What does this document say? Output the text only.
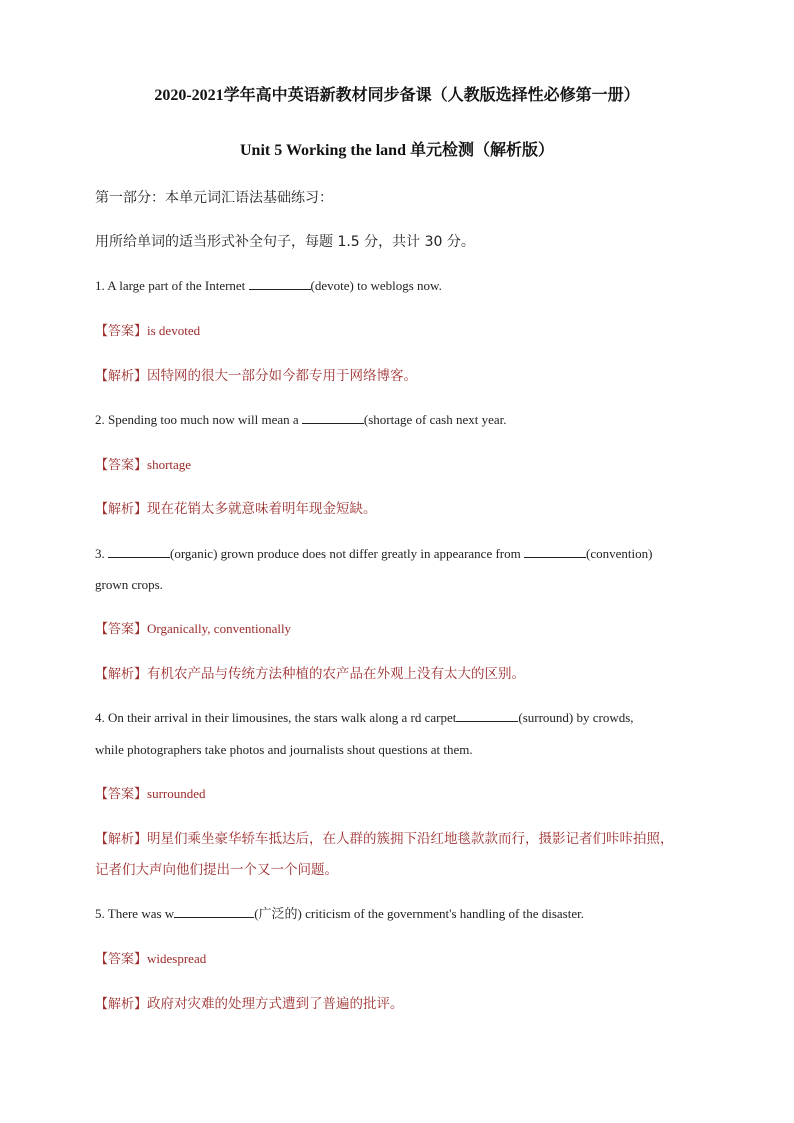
2020-2021学年高中英语新教材同步备课（人教版选择性必修第一册）
Unit 5 Working the land 单元检测（解析版）
第一部分：本单元词汇语法基础练习：
用所给单词的适当形式补全句子，每题 1.5 分，共计 30 分。
1. A large part of the Internet	(devote) to weblogs now.
【答案】is devoted
【解析】因特网的很大一部分如今都专用于网络博客。
2. Spending too much now will mean a	(shortage of cash next year.
【答案】shortage
【解析】现在花销太多就意味着明年现金短缺。
3.	(organic) grown produce does not differ greatly in appearance from	(convention)
grown crops.
【答案】Organically, conventionally
【解析】有机农产品与传统方法种植的农产品在外观上没有太大的区别。
4. On their arrival in their limousines, the stars walk along a rd carpet	(surround) by crowds,
while photographers take photos and journalists shout questions at them.
【答案】surrounded
【解析】明星们乘坐豪华轿车抵达后，在人群的簇拥下沿红地毯款款而行，摄影记者们咔咔拍照，
记者们大声向他们提出一个又一个问题。
5. There was w	(广泛的) criticism of the government's handling of the disaster.
【答案】widespread
【解析】政府对灾难的处理方式遭到了普遍的批评。
